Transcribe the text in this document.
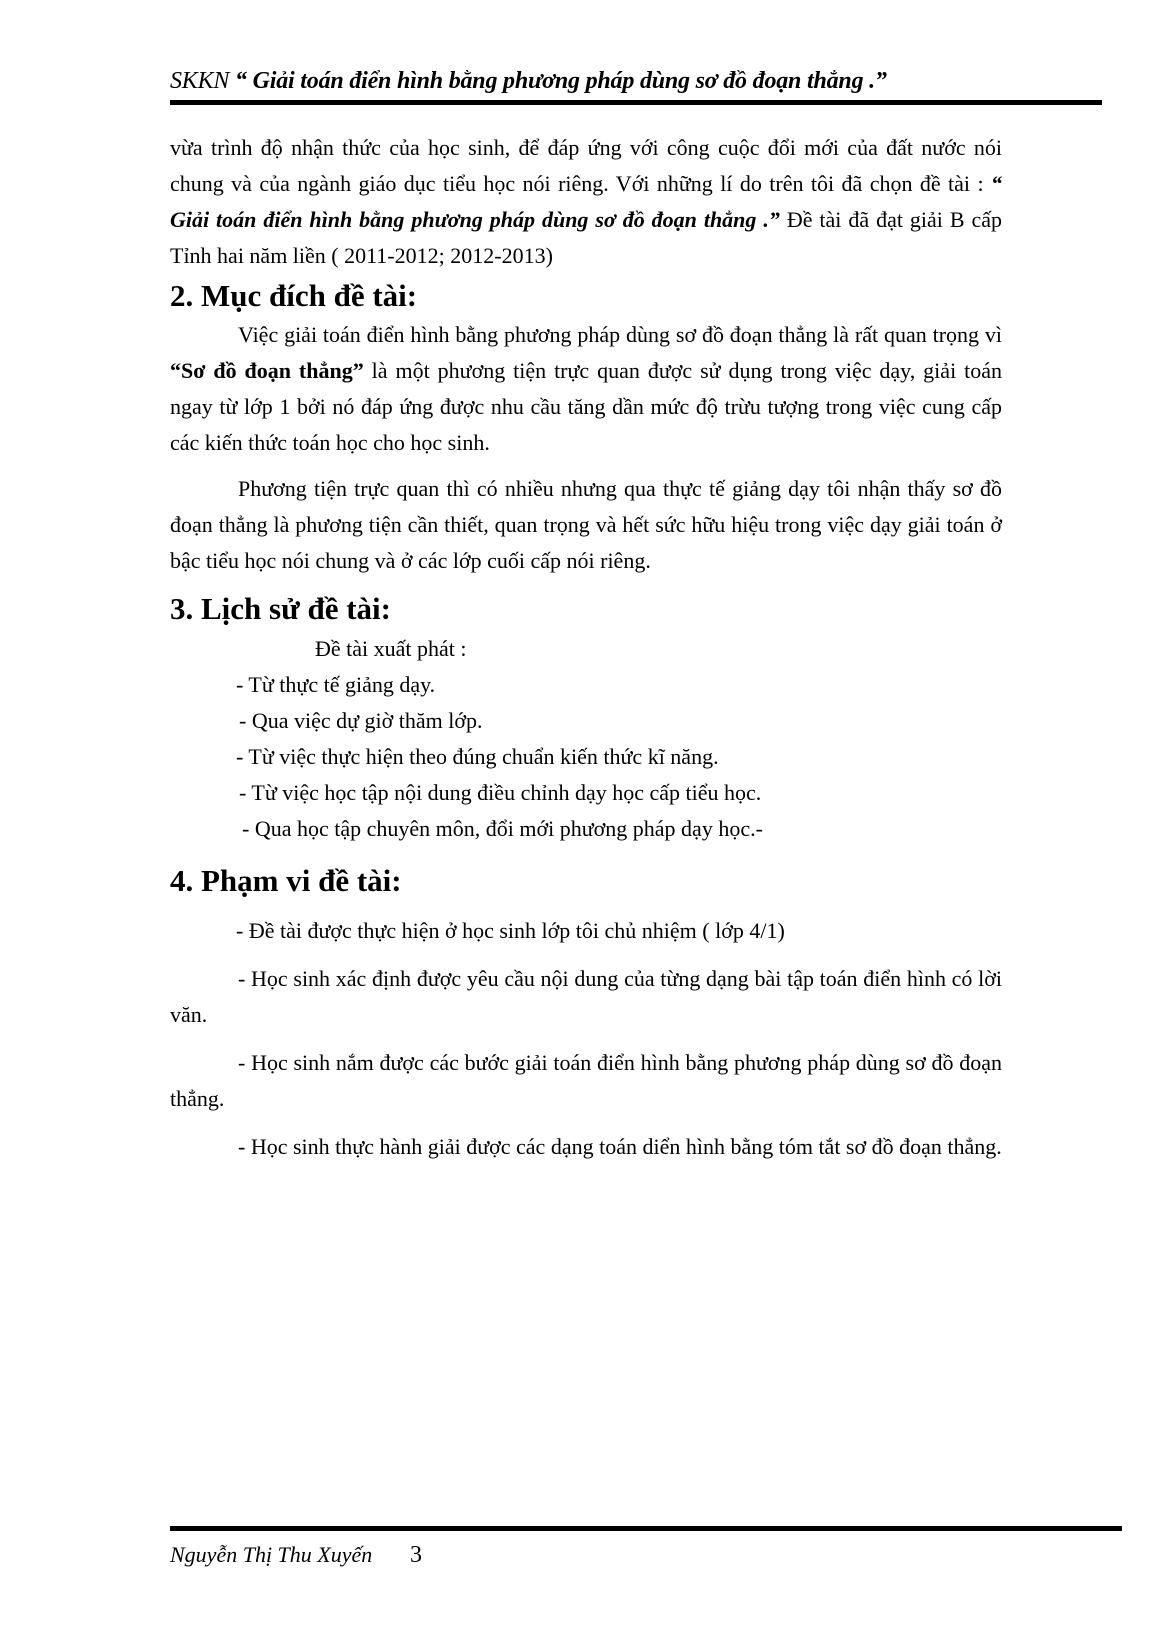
SKKN “ Giải toán điển hình bằng phương pháp dùng sơ đồ đoạn thẳng .”

vừa trình độ nhận thức của học sinh, để đáp ứng với công cuộc đổi mới của đất nước nói chung và của ngành giáo dục tiểu học nói riêng. Với những lí do trên tôi đã chọn đề tài : “ Giải toán điển hình bằng phương pháp dùng sơ đồ đoạn thẳng .” Đề tài đã đạt giải B cấp Tỉnh hai năm liền ( 2011-2012; 2012-2013)

2. Mục đích đề tài:

Việc giải toán điển hình bằng phương pháp dùng sơ đồ đoạn thẳng là rất quan trọng vì “Sơ đồ đoạn thẳng” là một phương tiện trực quan được sử dụng trong việc dạy, giải toán ngay từ lớp 1 bởi nó đáp ứng được nhu cầu tăng dần mức độ trừu tượng trong việc cung cấp các kiến thức toán học cho học sinh.

Phương tiện trực quan thì có nhiều nhưng qua thực tế giảng dạy tôi nhận thấy sơ đồ đoạn thẳng là phương tiện cần thiết, quan trọng và hết sức hữu hiệu trong việc dạy giải toán ở bậc tiểu học nói chung và ở các lớp cuối cấp nói riêng.

3. Lịch sử đề tài:

Đề tài xuất phát :

- Từ thực tế giảng dạy.

- Qua việc dự giờ thăm lớp.

- Từ việc thực hiện theo đúng chuẩn kiến thức kĩ năng.

- Từ việc học tập nội dung điều chỉnh dạy học cấp tiểu học.

- Qua học tập chuyên môn, đổi mới phương pháp dạy học.-

4. Phạm vi đề tài:

- Đề tài được thực hiện ở học sinh lớp tôi chủ nhiệm ( lớp 4/1)

- Học sinh xác định được yêu cầu nội dung của từng dạng bài tập toán điển hình có lời văn.

- Học sinh nắm được các bước giải toán điển hình bằng phương pháp dùng sơ đồ đoạn thẳng.

- Học sinh thực hành giải được các dạng toán diển hình bằng tóm tắt sơ đồ đoạn thẳng.

Nguyễn Thị Thu Xuyến 3
